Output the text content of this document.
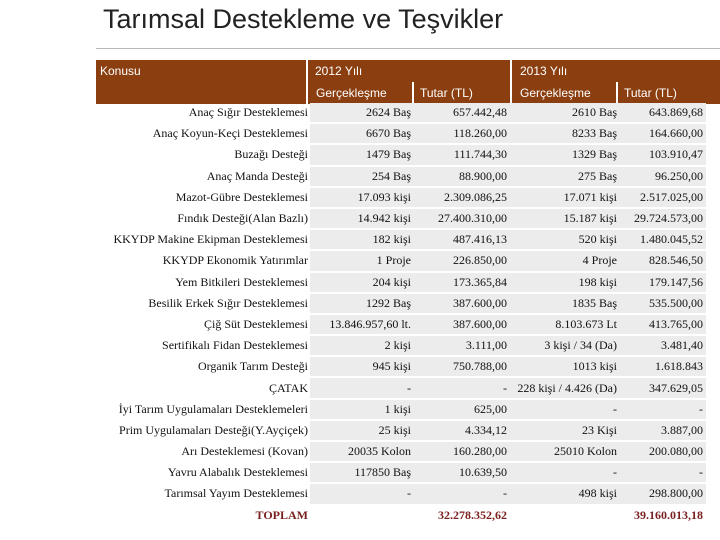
Tarımsal Destekleme ve Teşvikler
Konusu	2012 Yılı	2013 Yılı
Gerçekleşme	Tutar (TL)	Gerçekleşme	Tutar (TL)
Anaç Sığır Desteklemesi	2624 Baş	657.442,48	2610 Baş	643.869,68
Anaç Koyun-Keçi Desteklemesi	6670 Baş	118.260,00	8233 Baş	164.660,00
Buzağı Desteği	1479 Baş	111.744,30	1329 Baş	103.910,47
Anaç Manda Desteği	254 Baş	88.900,00	275 Baş	96.250,00
Mazot-Gübre Desteklemesi	17.093 kişi	2.309.086,25	17.071 kişi	2.517.025,00
Fındık Desteği(Alan Bazlı)	14.942 kişi	27.400.310,00	15.187 kişi	29.724.573,00
KKYDP Makine Ekipman Desteklemesi	182 kişi	487.416,13	520 kişi	1.480.045,52
KKYDP Ekonomik Yatırımlar	1 Proje	226.850,00	4 Proje	828.546,50
Yem Bitkileri Desteklemesi	204 kişi	173.365,84	198 kişi	179.147,56
Besilik Erkek Sığır Desteklemesi	1292 Baş	387.600,00	1835 Baş	535.500,00
Çiğ Süt Desteklemesi	13.846.957,60 lt.	387.600,00	8.103.673 Lt	413.765,00
Sertifikalı Fidan Desteklemesi	2 kişi	3.111,00	3 kişi / 34 (Da)	3.481,40
Organik Tarım Desteği	945 kişi	750.788,00	1013 kişi	1.618.843
ÇATAK	-	-	228 kişi / 4.426 (Da)	347.629,05
İyi Tarım Uygulamaları Desteklemeleri	1 kişi	625,00	-	-
Prim Uygulamaları Desteği(Y.Ayçiçek)	25 kişi	4.334,12	23 Kişi	3.887,00
Arı Desteklemesi (Kovan)	20035 Kolon	160.280,00	25010 Kolon	200.080,00
Yavru Alabalık Desteklemesi	117850 Baş	10.639,50	-	-
Tarımsal Yayım Desteklemesi	-	-	498 kişi	298.800,00
TOPLAM		32.278.352,62		39.160.013,18
